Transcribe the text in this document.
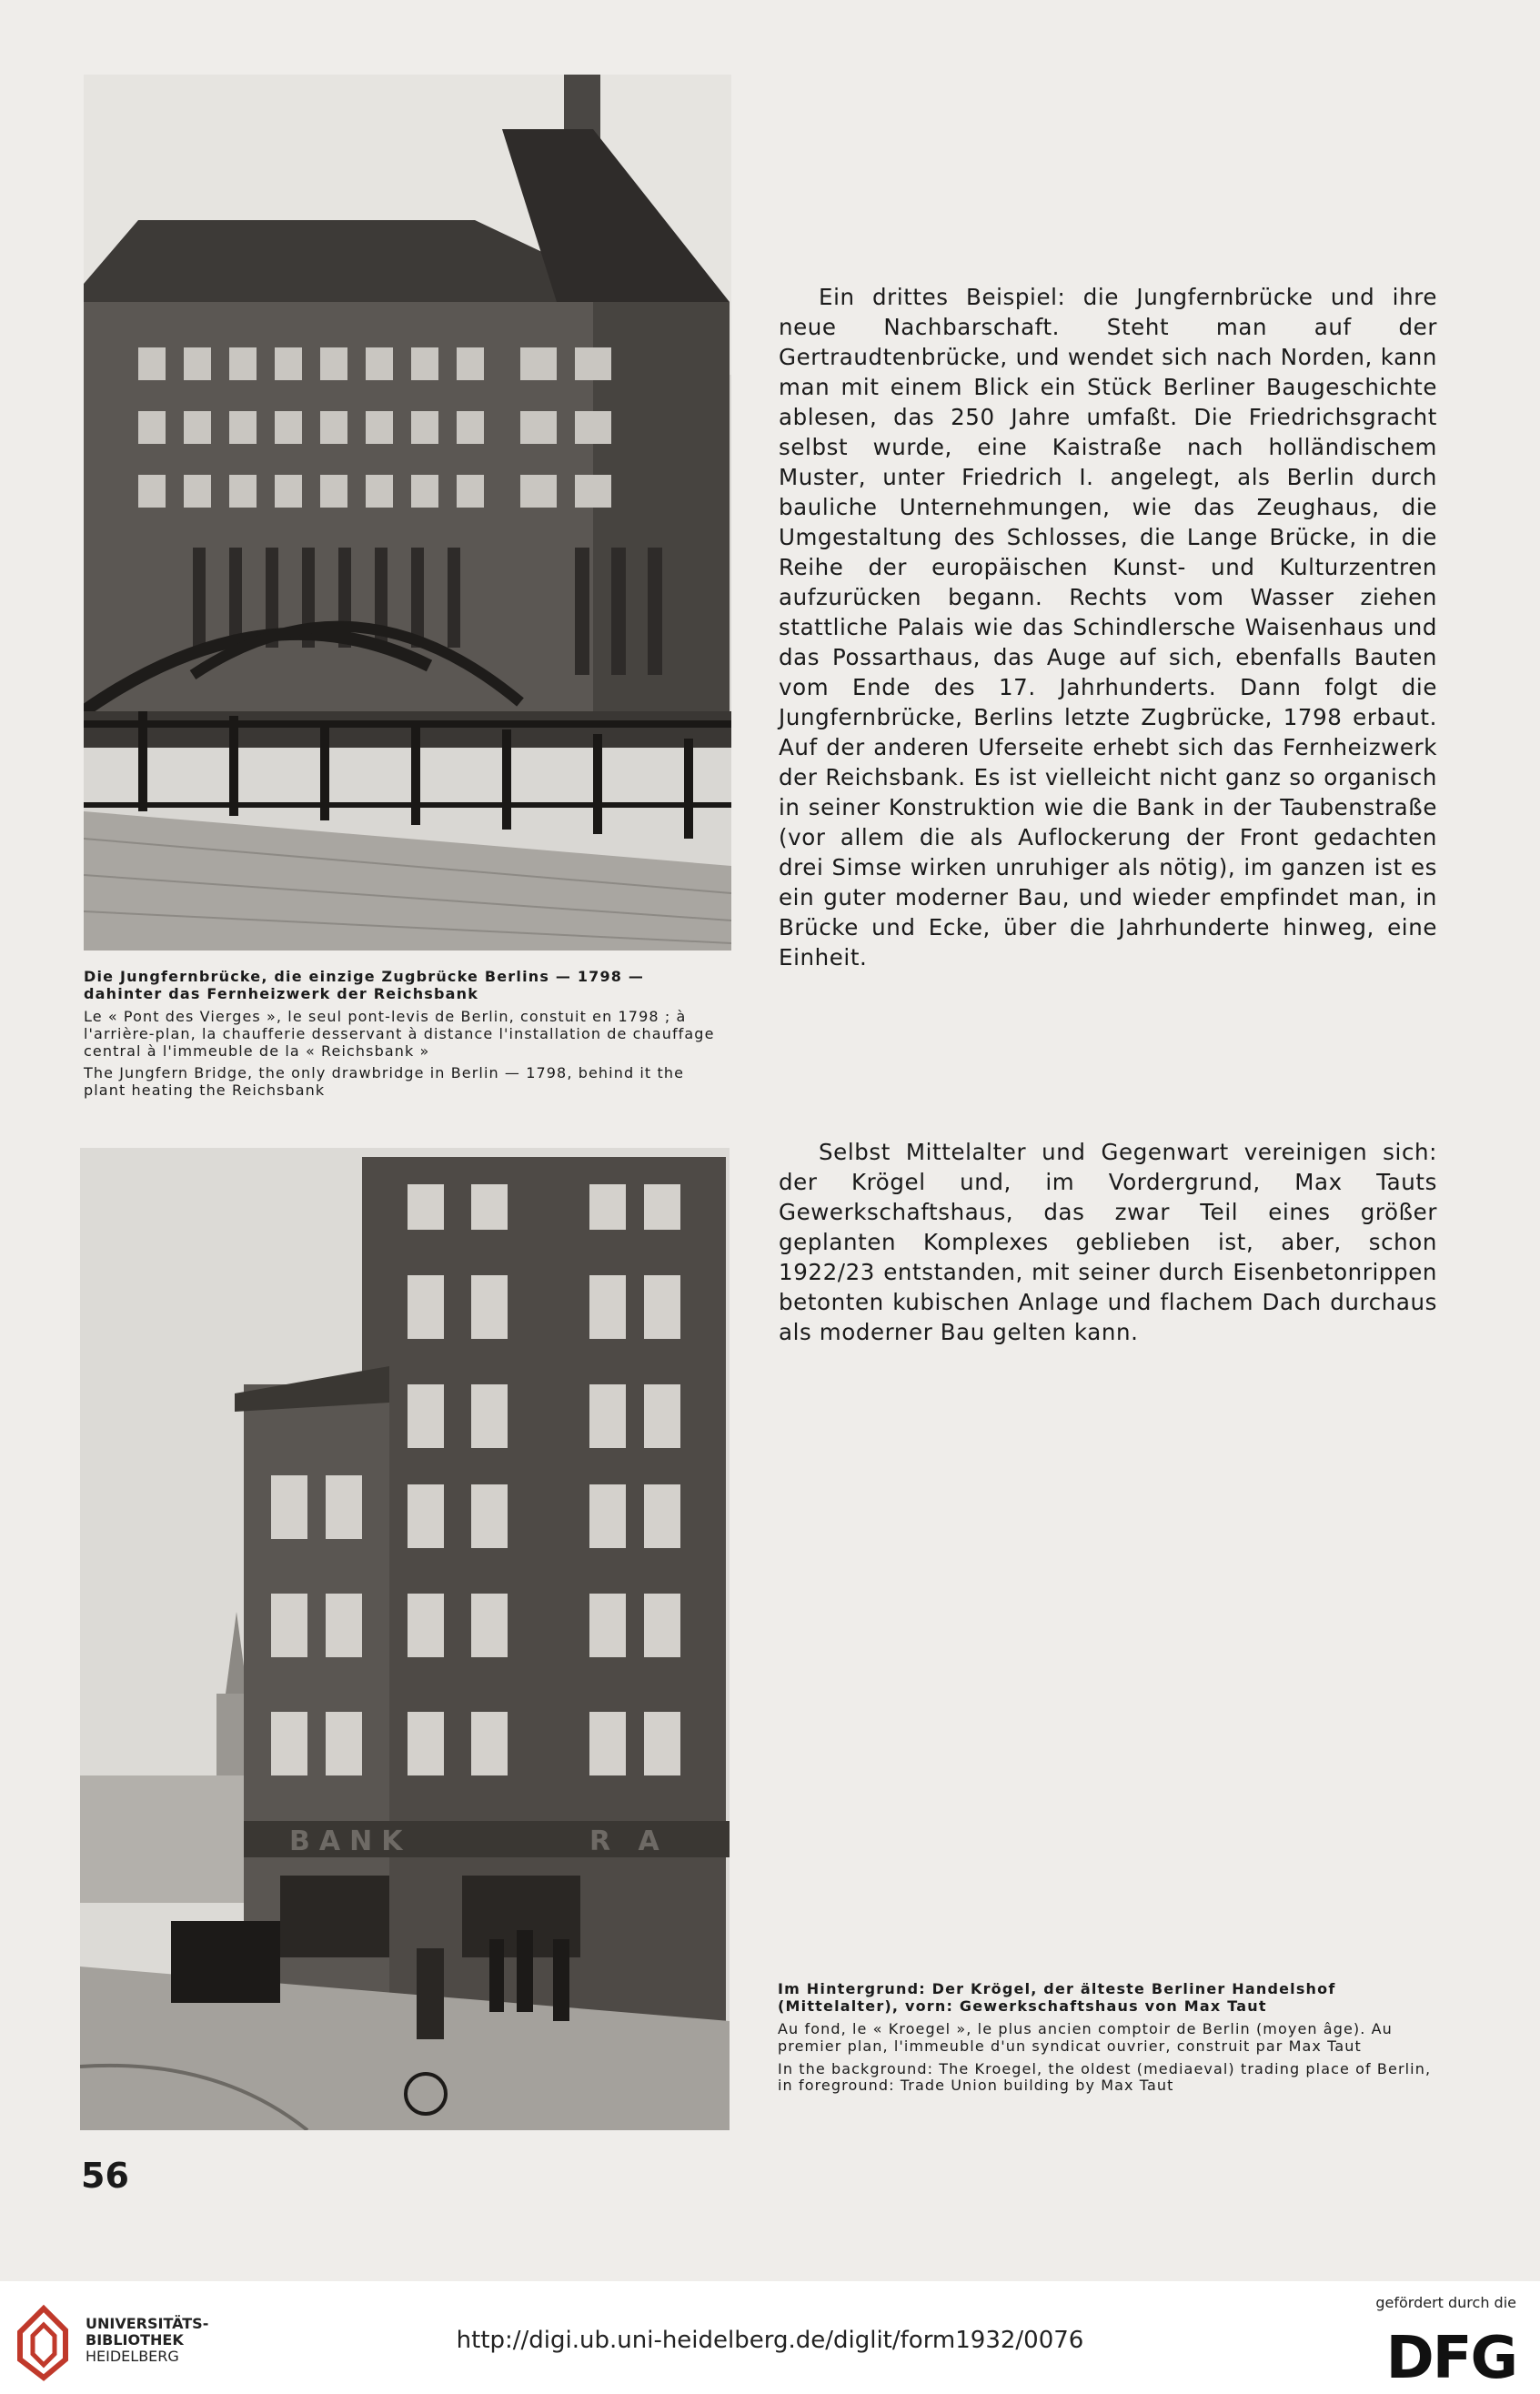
Die Jungfernbrücke, die einzige Zugbrücke Berlins — 1798 — dahinter das Fernheizwerk der Reichsbank
Le « Pont des Vierges », le seul pont-levis de Berlin, constuit en 1798 ; à l'arrière-plan, la chaufferie desservant à distance l'installation de chauffage central à l'immeuble de la « Reichsbank »
The Jungfern Bridge, the only drawbridge in Berlin — 1798, behind it the plant heating the Reichsbank

Ein drittes Beispiel: die Jungfernbrücke und ihre neue Nachbarschaft. Steht man auf der Gertraudtenbrücke, und wendet sich nach Norden, kann man mit einem Blick ein Stück Berliner Baugeschichte ablesen, das 250 Jahre umfaßt. Die Friedrichsgracht selbst wurde, eine Kaistraße nach holländischem Muster, unter Friedrich I. angelegt, als Berlin durch bauliche Unternehmungen, wie das Zeughaus, die Umgestaltung des Schlosses, die Lange Brücke, in die Reihe der europäischen Kunst- und Kulturzentren aufzurücken begann. Rechts vom Wasser ziehen stattliche Palais wie das Schindlersche Waisenhaus und das Possarthaus, das Auge auf sich, ebenfalls Bauten vom Ende des 17. Jahrhunderts. Dann folgt die Jungfernbrücke, Berlins letzte Zugbrücke, 1798 erbaut. Auf der anderen Uferseite erhebt sich das Fernheizwerk der Reichsbank. Es ist vielleicht nicht ganz so organisch in seiner Konstruktion wie die Bank in der Taubenstraße (vor allem die als Auflockerung der Front gedachten drei Simse wirken unruhiger als nötig), im ganzen ist es ein guter moderner Bau, und wieder empfindet man, in Brücke und Ecke, über die Jahrhunderte hinweg, eine Einheit.

BANK	R A

Selbst Mittelalter und Gegenwart vereinigen sich: der Krögel und, im Vordergrund, Max Tauts Gewerkschaftshaus, das zwar Teil eines größer geplanten Komplexes geblieben ist, aber, schon 1922/23 entstanden, mit seiner durch Eisenbetonrippen betonten kubischen Anlage und flachem Dach durchaus als moderner Bau gelten kann.

Im Hintergrund: Der Krögel, der älteste Berliner Handelshof (Mittelalter), vorn: Gewerkschaftshaus von Max Taut
Au fond, le « Kroegel », le plus ancien comptoir de Berlin (moyen âge). Au premier plan, l'immeuble d'un syndicat ouvrier, construit par Max Taut
In the background: The Kroegel, the oldest (mediaeval) trading place of Berlin, in foreground: Trade Union building by Max Taut
56
UNIVERSITÄTS-
BIBLIOTHEK
HEIDELBERG
http://digi.ub.uni-heidelberg.de/diglit/form1932/0076
gefördert durch die
DFG
